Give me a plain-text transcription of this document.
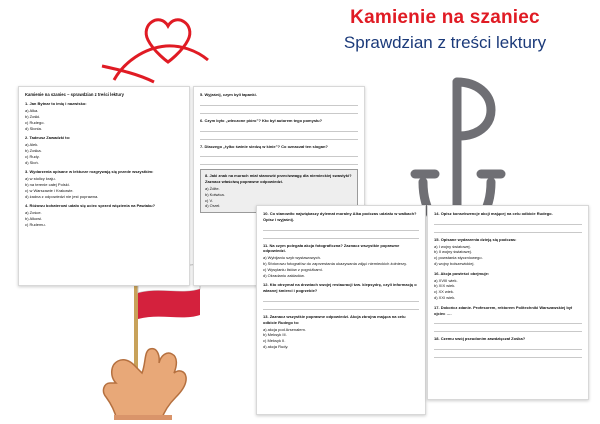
Kamienie na szaniec
Sprawdzian z treści lektury
Kamienie na szaniec – sprawdzian z treści lektury
1. Jan Bytnar to imię i nazwisko:
a) Alka.
b) Zośki.
c) Rudego.
d) Słonia.
2. Tadeusz Zawadzki to:
a) Alek.
b) Zośka.
c) Rudy.
d) Słoń.
3. Wydarzenia opisane w lekturze rozgrywają się przede wszystkim:
a) w stolicy kraju.
b) na terenie całej Polski.
c) w Warszawie i Krakowie.
d) żadna z odpowiedzi nie jest poprawna.
4. Różowu bohaterowi udało się uciec sprzed więzienia na Pawiaku?
a) Zośce.
b) Alkowi.
c) Rudemu.
5. Wyjaśnij, czym byli łapanki.
6. Czym było „wleczone pióro”? Kto był autorem tego pomysłu?
7. Dlaczego „tylko świnie siedzą w kinie”? Co oznaczał ten slogan?
8. Jaki znak na murach miał stanowić przeciwwagę dla niemieckiej swastyki? Zaznacz właściwą poprawne odpowiedzi.
a) Żółte.
b) Kotwica.
c) V.
d) Orzeł.
10. Co stanowiło najwiękaszy dylemat moralny Alka podczas udziału w walkach? Opisz i wyjaśnij.
11. Na czym polegała akcja fotograficzna? Zaznacz wszystkie poprawne odpowiedzi.
a) Wybijaniu szyb wystawowych.
b) Sfotorowu fotografów do zaprzestania ukazywania zdjęć niemieckich żołnierzy.
c) Wysyłaniu listów z pogróżkami.
d) Okradaniu zakładów.
12. Kto otrzymał na drzwiach swojej restauracji tzw. klepsydrę, czyli informację o własnej śmierci i pogrzebie?
13. Zaznacz wszystkie poprawne odpowiedzi. Akcja zbrojna mająca na celu odbicie Rudego to:
a) akcja pod Arsenałem.
b) Meksyk III.
c) Meksyk II.
d) akcja Rudy.
14. Opisz konsekwencje akcji mającej na celu odbicie Rudego.
15. Opisane wydarzenia dzieją się podczas:
a) I wojny światowej.
b) II wojny światowej.
c) powstania styczniowego.
d) wojny bolszewickiej.
16. Akcja powieści obejmuje:
a) XVIII wiek.
b) XIX wiek.
c) XX wiek.
d) XXI wiek.
17. Dokończ zdanie. Profesorem, rektorem Politechniki Warszawskiej był ojciec ….
18. Czemu swój pseudonim zawdzięczał Zośka?
